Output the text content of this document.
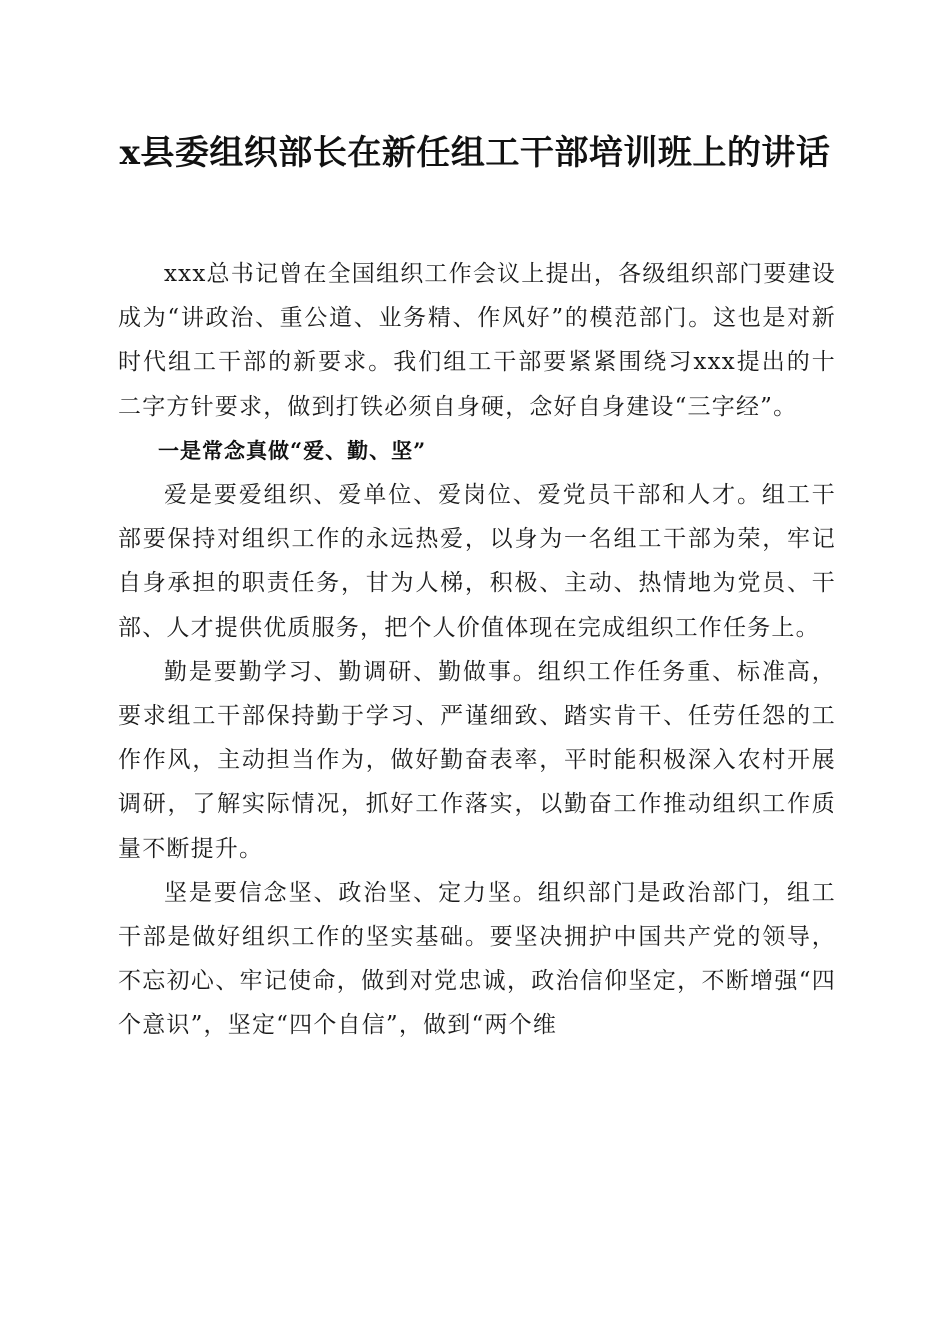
x县委组织部长在新任组工干部培训班上的讲话

xxx总书记曾在全国组织工作会议上提出，各级组织部门要建设成为“讲政治、重公道、业务精、作风好”的模范部门。这也是对新时代组工干部的新要求。我们组工干部要紧紧围绕习xxx提出的十二字方针要求，做到打铁必须自身硬，念好自身建设“三字经”。

一是常念真做“爱、勤、坚”

爱是要爱组织、爱单位、爱岗位、爱党员干部和人才。组工干部要保持对组织工作的永远热爱，以身为一名组工干部为荣，牢记自身承担的职责任务，甘为人梯，积极、主动、热情地为党员、干部、人才提供优质服务，把个人价值体现在完成组织工作任务上。

勤是要勤学习、勤调研、勤做事。组织工作任务重、标准高，要求组工干部保持勤于学习、严谨细致、踏实肯干、任劳任怨的工作作风，主动担当作为，做好勤奋表率，平时能积极深入农村开展调研，了解实际情况，抓好工作落实，以勤奋工作推动组织工作质量不断提升。

坚是要信念坚、政治坚、定力坚。组织部门是政治部门，组工干部是做好组织工作的坚实基础。要坚决拥护中国共产党的领导，不忘初心、牢记使命，做到对党忠诚，政治信仰坚定，不断增强“四个意识”，坚定“四个自信”，做到“两个维
